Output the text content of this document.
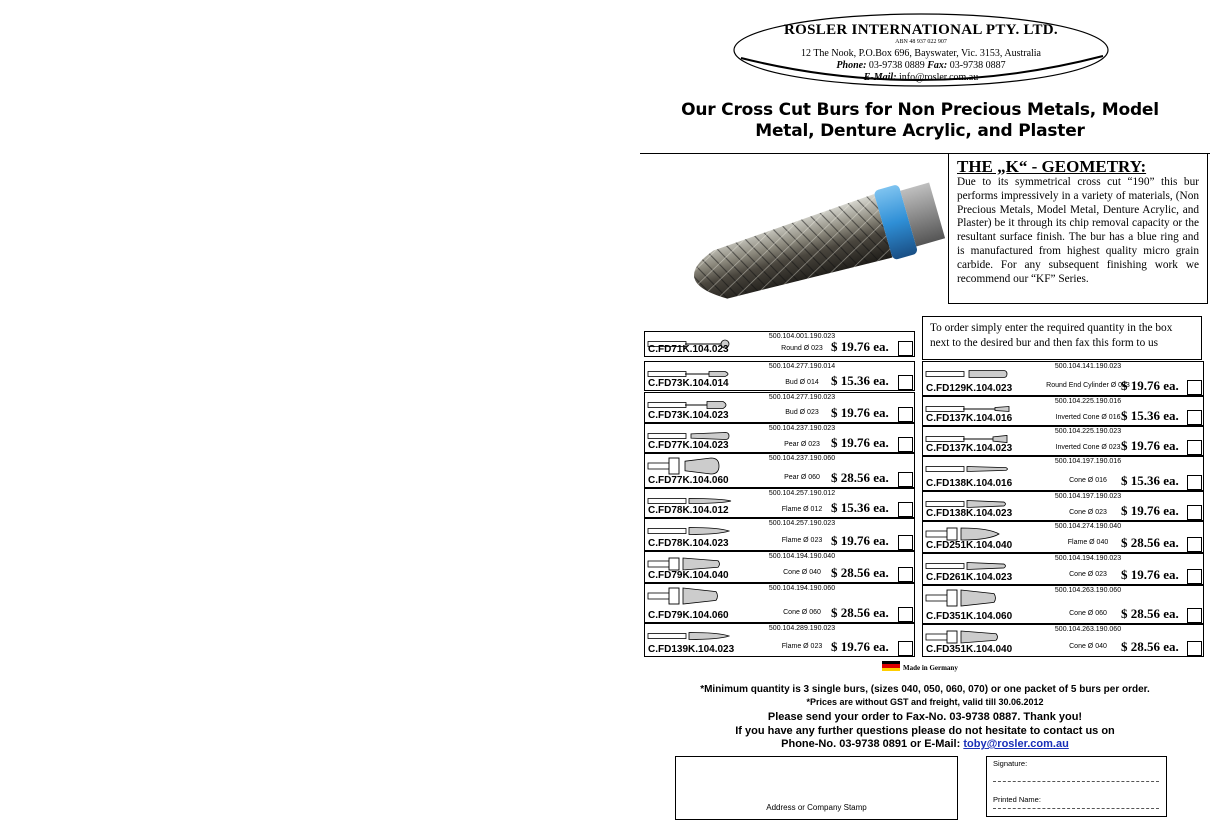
ROSLER INTERNATIONAL PTY. LTD.
ABN 48 937 022 907
12 The Nook, P.O.Box 696, Bayswater, Vic. 3153, Australia
Phone: 03-9738 0889 Fax: 03-9738 0887
E-Mail: info@rosler.com.au
Our Cross Cut Burs for Non Precious Metals, Model
Metal, Denture Acrylic, and Plaster
THE „K“ - GEOMETRY:
Due to its symmetrical cross cut “190” this bur performs impressively in a variety of materials, (Non Precious Metals, Model Metal, Denture Acrylic, and Plaster) be it through its chip removal capacity or the resultant surface finish. The bur has a blue ring and is manufactured from highest quality micro grain carbide. For any subsequent finishing work we recommend our “KF” Series.
To order simply enter the required quantity in the box next to the desired bur and then fax this form to us
C.FD71K.104.023
500.104.001.190.023
Round Ø 023 $ 19.76 ea.
C.FD73K.104.014
500.104.277.190.014
Bud Ø 014 $ 15.36 ea.
C.FD73K.104.023
500.104.277.190.023
Bud Ø 023 $ 19.76 ea.
C.FD77K.104.023
500.104.237.190.023
Pear Ø 023 $ 19.76 ea.
C.FD77K.104.060
500.104.237.190.060
Pear Ø 060 $ 28.56 ea.
C.FD78K.104.012
500.104.257.190.012
Flame Ø 012 $ 15.36 ea.
C.FD78K.104.023
500.104.257.190.023
Flame Ø 023 $ 19.76 ea.
C.FD79K.104.040
500.104.194.190.040
Cone Ø 040 $ 28.56 ea.
C.FD79K.104.060
500.104.194.190.060
Cone Ø 060 $ 28.56 ea.
C.FD139K.104.023
500.104.289.190.023
Flame Ø 023 $ 19.76 ea.
C.FD129K.104.023
500.104.141.190.023
Round End Cylinder Ø 023
$ 19.76 ea.
C.FD137K.104.016
500.104.225.190.016
Inverted Cone Ø 016 $ 15.36 ea.
C.FD137K.104.023
500.104.225.190.023
Inverted Cone Ø 023 $ 19.76 ea.
C.FD138K.104.016
500.104.197.190.016
Cone Ø 016	$ 15.36 ea.
C.FD138K.104.023
500.104.197.190.023
Cone Ø 023	$ 19.76 ea.
C.FD251K.104.040
500.104.274.190.040
Flame Ø 040 $ 28.56 ea.
C.FD261K.104.023
500.104.194.190.023
Cone Ø 023	$ 19.76 ea.
C.FD351K.104.060
500.104.263.190.060
Cone Ø 060	$ 28.56 ea.
C.FD351K.104.040
500.104.263.190.060
Cone Ø 040	$ 28.56 ea.
Made in Germany
*Minimum quantity is 3 single burs, (sizes 040, 050, 060, 070) or one packet of 5 burs per order.
*Prices are without GST and freight, valid till 30.06.2012
Please send your order to Fax-No. 03-9738 0887. Thank you!
If you have any further questions please do not hesitate to contact us on
Phone-No. 03-9738 0891 or E-Mail: toby@rosler.com.au
Address or Company Stamp
Signature:
Printed Name:
